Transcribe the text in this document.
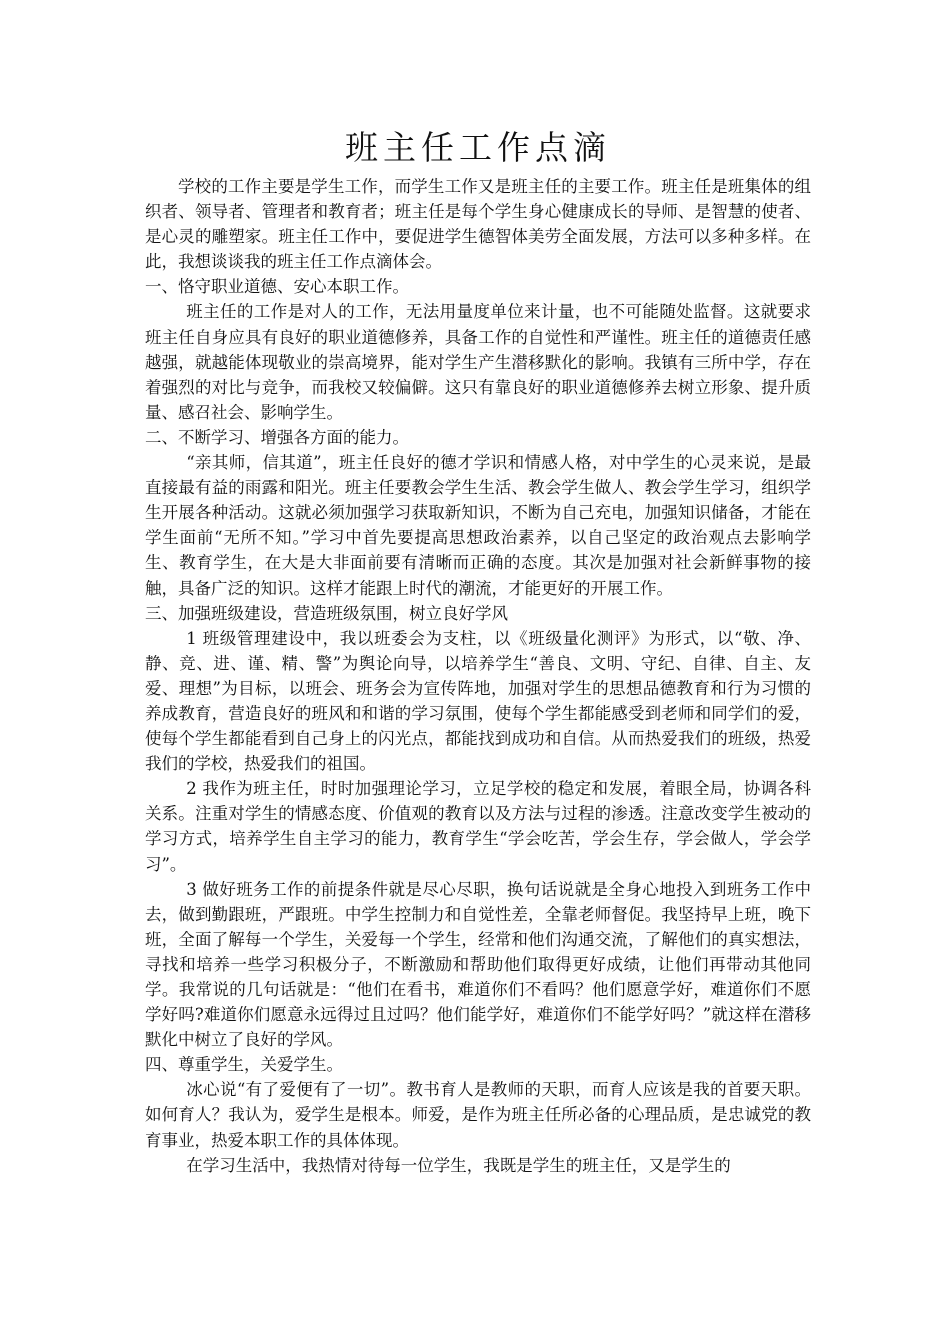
班主任工作点滴

学校的工作主要是学生工作，而学生工作又是班主任的主要工作。班主任是班集体的组织者、领导者、管理者和教育者；班主任是每个学生身心健康成长的导师、是智慧的使者、是心灵的雕塑家。班主任工作中，要促进学生德智体美劳全面发展，方法可以多种多样。在此，我想谈谈我的班主任工作点滴体会。

一、恪守职业道德、安心本职工作。

班主任的工作是对人的工作，无法用量度单位来计量，也不可能随处监督。这就要求班主任自身应具有良好的职业道德修养，具备工作的自觉性和严谨性。班主任的道德责任感越强，就越能体现敬业的崇高境界，能对学生产生潜移默化的影响。我镇有三所中学，存在着强烈的对比与竞争，而我校又较偏僻。这只有靠良好的职业道德修养去树立形象、提升质量、感召社会、影响学生。

二、不断学习、增强各方面的能力。

“亲其师，信其道”，班主任良好的德才学识和情感人格，对中学生的心灵来说，是最直接最有益的雨露和阳光。班主任要教会学生生活、教会学生做人、教会学生学习，组织学生开展各种活动。这就必须加强学习获取新知识，不断为自己充电，加强知识储备，才能在学生面前“无所不知。”学习中首先要提高思想政治素养，以自己坚定的政治观点去影响学生、教育学生，在大是大非面前要有清晰而正确的态度。其次是加强对社会新鲜事物的接触，具备广泛的知识。这样才能跟上时代的潮流，才能更好的开展工作。

三、加强班级建设，营造班级氛围，树立良好学风

1 班级管理建设中，我以班委会为支柱，以《班级量化测评》为形式，以“敬、净、静、竞、进、谨、精、警”为舆论向导，以培养学生“善良、文明、守纪、自律、自主、友爱、理想”为目标，以班会、班务会为宣传阵地，加强对学生的思想品德教育和行为习惯的养成教育，营造良好的班风和和谐的学习氛围，使每个学生都能感受到老师和同学们的爱，使每个学生都能看到自己身上的闪光点，都能找到成功和自信。从而热爱我们的班级，热爱我们的学校，热爱我们的祖国。

2 我作为班主任，时时加强理论学习，立足学校的稳定和发展，着眼全局，协调各科关系。注重对学生的情感态度、价值观的教育以及方法与过程的渗透。注意改变学生被动的学习方式，培养学生自主学习的能力，教育学生“学会吃苦，学会生存，学会做人，学会学习”。

3 做好班务工作的前提条件就是尽心尽职，换句话说就是全身心地投入到班务工作中去，做到勤跟班，严跟班。中学生控制力和自觉性差，全靠老师督促。我坚持早上班，晚下班，全面了解每一个学生，关爱每一个学生，经常和他们沟通交流，了解他们的真实想法，寻找和培养一些学习积极分子，不断激励和帮助他们取得更好成绩，让他们再带动其他同学。我常说的几句话就是：“他们在看书，难道你们不看吗？他们愿意学好，难道你们不愿学好吗?难道你们愿意永远得过且过吗？他们能学好，难道你们不能学好吗？”就这样在潜移默化中树立了良好的学风。

四、尊重学生，关爱学生。

冰心说“有了爱便有了一切”。教书育人是教师的天职，而育人应该是我的首要天职。如何育人？我认为，爱学生是根本。师爱，是作为班主任所必备的心理品质，是忠诚党的教育事业，热爱本职工作的具体体现。

在学习生活中，我热情对待每一位学生，我既是学生的班主任，又是学生的
